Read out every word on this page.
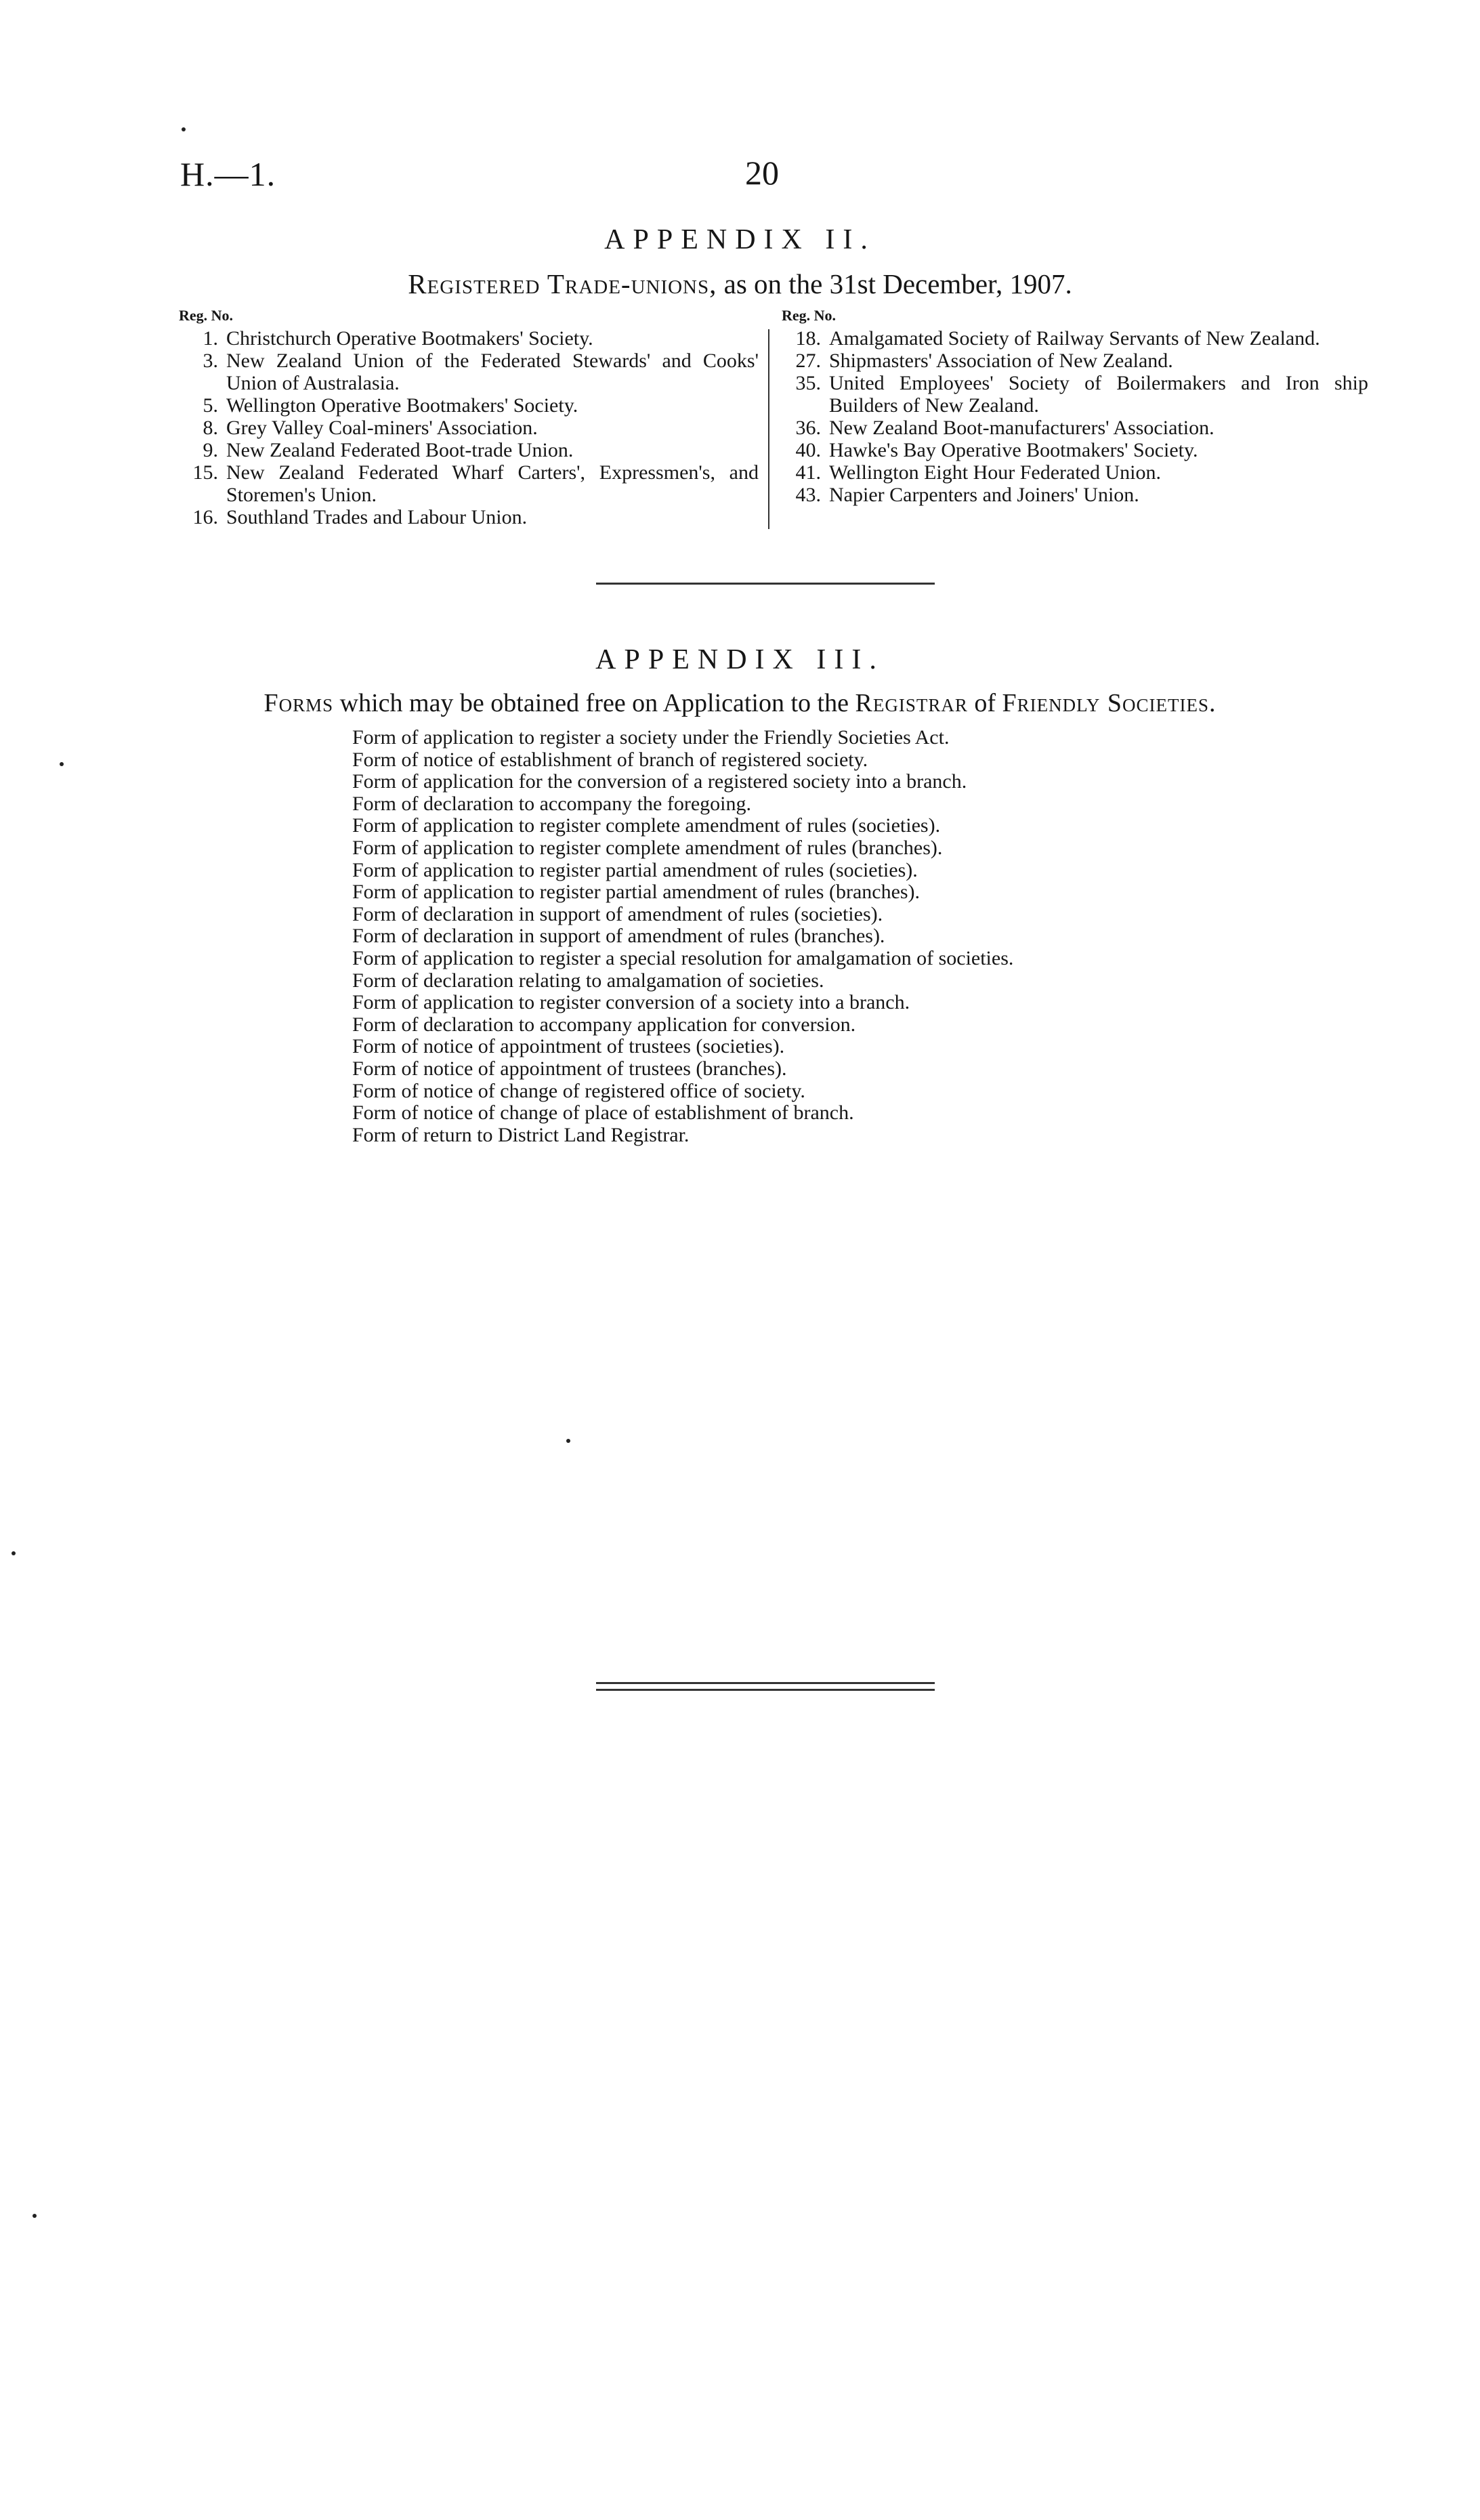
H.—1.	20
APPENDIX II.
Registered Trade-unions, as on the 31st December, 1907.
Reg. No.
1. Christchurch Operative Bootmakers' Society.
3. New Zealand Union of the Federated Stewards' and Cooks' Union of Australasia.
5. Wellington Operative Bootmakers' Society.
8. Grey Valley Coal-miners' Association.
9. New Zealand Federated Boot-trade Union.
15. New Zealand Federated Wharf Carters', Expressmen's, and Storemen's Union.
16. Southland Trades and Labour Union.
Reg. No.
18. Amalgamated Society of Railway Servants of New Zealand.
27. Shipmasters' Association of New Zealand.
35. United Employees' Society of Boilermakers and Iron ship Builders of New Zealand.
36. New Zealand Boot-manufacturers' Association.
40. Hawke's Bay Operative Bootmakers' Society.
41. Wellington Eight Hour Federated Union.
43. Napier Carpenters and Joiners' Union.
APPENDIX III.
Forms which may be obtained free on Application to the Registrar of Friendly Societies.
Form of application to register a society under the Friendly Societies Act.
Form of notice of establishment of branch of registered society.
Form of application for the conversion of a registered society into a branch.
Form of declaration to accompany the foregoing.
Form of application to register complete amendment of rules (societies).
Form of application to register complete amendment of rules (branches).
Form of application to register partial amendment of rules (societies).
Form of application to register partial amendment of rules (branches).
Form of declaration in support of amendment of rules (societies).
Form of declaration in support of amendment of rules (branches).
Form of application to register a special resolution for amalgamation of societies.
Form of declaration relating to amalgamation of societies.
Form of application to register conversion of a society into a branch.
Form of declaration to accompany application for conversion.
Form of notice of appointment of trustees (societies).
Form of notice of appointment of trustees (branches).
Form of notice of change of registered office of society.
Form of notice of change of place of establishment of branch.
Form of return to District Land Registrar.
